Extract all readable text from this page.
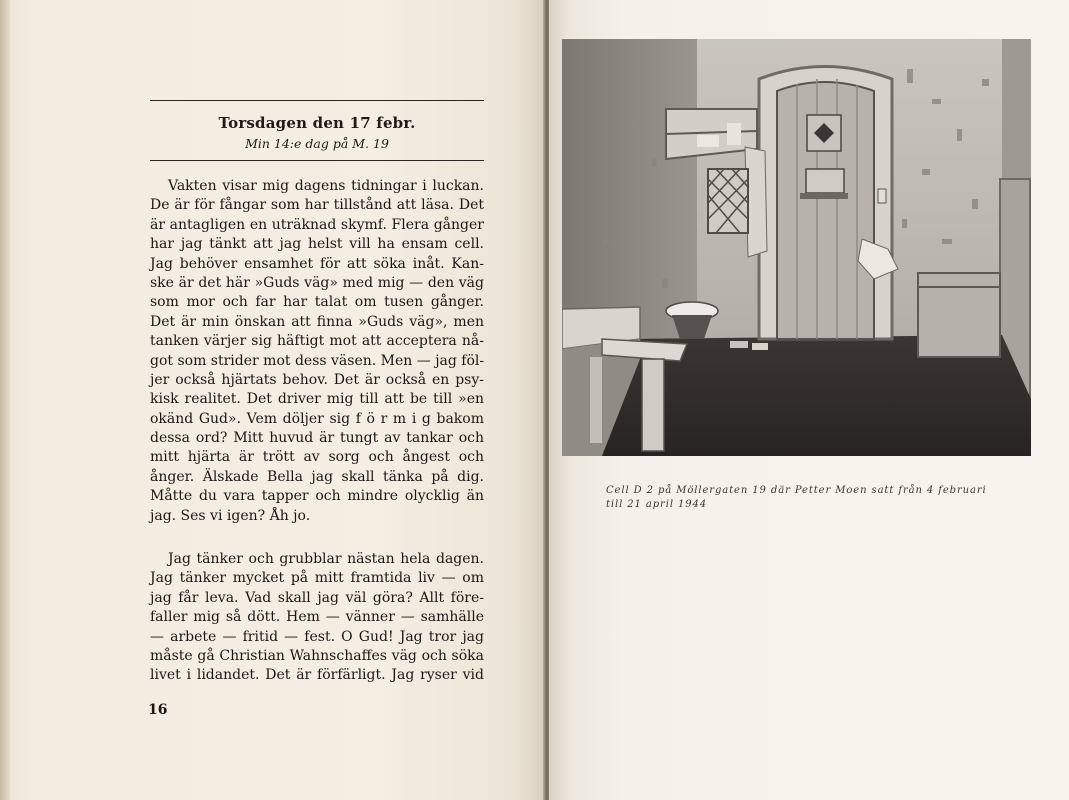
Torsdagen den 17 febr.
Min 14:e dag på M. 19
Vakten visar mig dagens tidningar i luckan.
De är för fångar som har tillstånd att läsa. Det
är antagligen en uträknad skymf. Flera gånger
har jag tänkt att jag helst vill ha ensam cell.
Jag behöver ensamhet för att söka inåt. Kan-
ske är det här »Guds väg» med mig — den väg
som mor och far har talat om tusen gånger.
Det är min önskan att finna »Guds väg», men
tanken värjer sig häftigt mot att acceptera nå-
got som strider mot dess väsen. Men — jag föl-
jer också hjärtats behov. Det är också en psy-
kisk realitet. Det driver mig till att be till »en
okänd Gud». Vem döljer sig f ö r m i g bakom
dessa ord? Mitt huvud är tungt av tankar och
mitt hjärta är trött av sorg och ångest och
ånger. Älskade Bella jag skall tänka på dig.
Måtte du vara tapper och mindre olycklig än
jag. Ses vi igen? Åh jo.
Jag tänker och grubblar nästan hela dagen.
Jag tänker mycket på mitt framtida liv — om
jag får leva. Vad skall jag väl göra? Allt före-
faller mig så dött. Hem — vänner — samhälle
— arbete — fritid — fest. O Gud! Jag tror jag
måste gå Christian Wahnschaffes väg och söka
livet i lidandet. Det är förfärligt. Jag ryser vid
16
Cell D 2 på Möllergaten 19 där Petter Moen satt från 4 februari
till 21 april 1944
